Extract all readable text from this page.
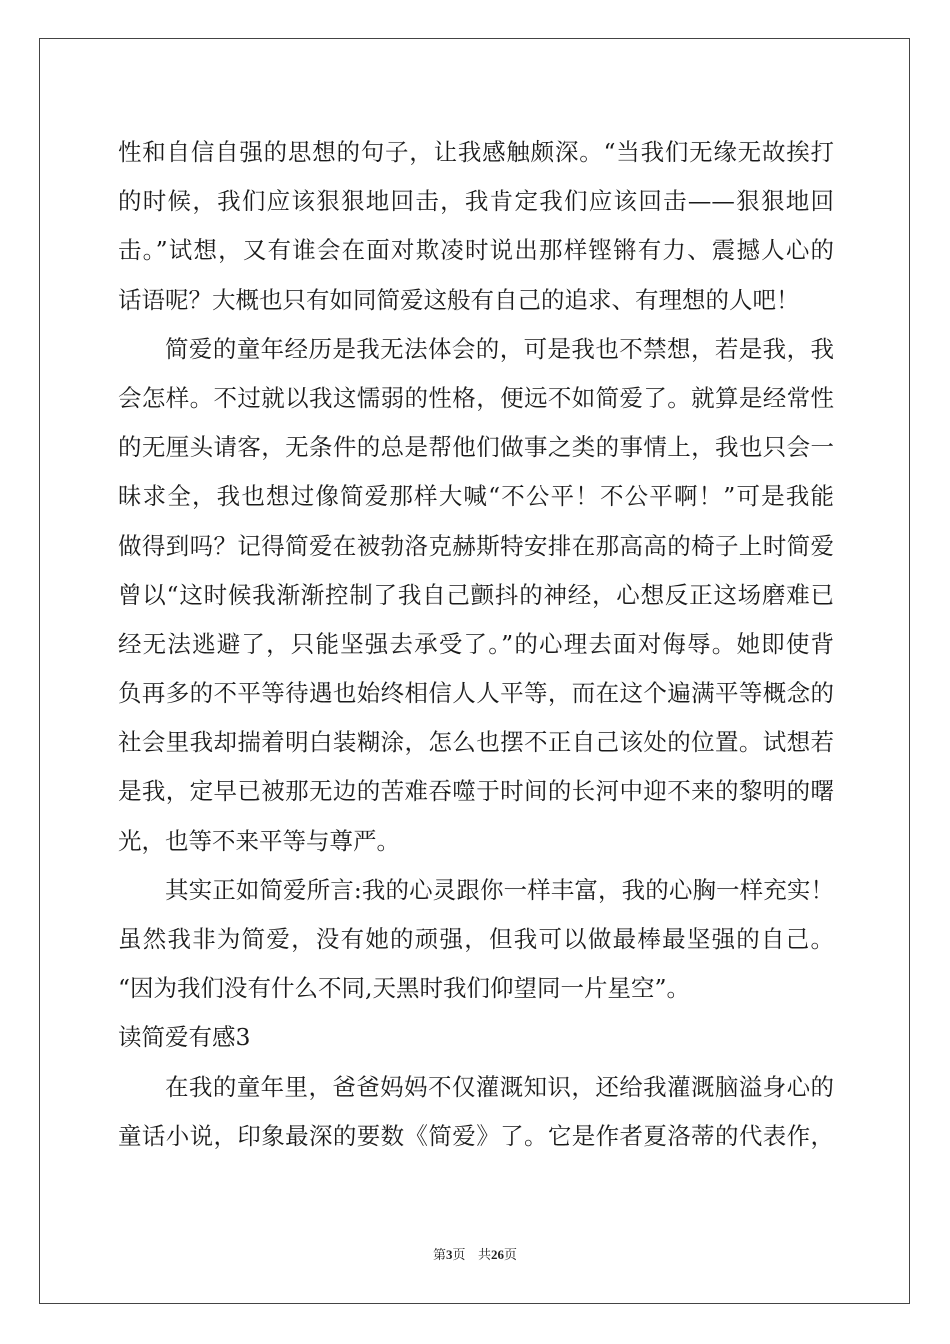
性和自信自强的思想的句子，让我感触颇深。“当我们无缘无故挨打
的时候，我们应该狠狠地回击，我肯定我们应该回击——狠狠地回
击。”试想，又有谁会在面对欺凌时说出那样铿锵有力、震撼人心的
话语呢？大概也只有如同简爱这般有自己的追求、有理想的人吧！
简爱的童年经历是我无法体会的，可是我也不禁想，若是我，我
会怎样。不过就以我这懦弱的性格，便远不如简爱了。就算是经常性
的无厘头请客，无条件的总是帮他们做事之类的事情上，我也只会一
昧求全，我也想过像简爱那样大喊“不公平！不公平啊！”可是我能
做得到吗？记得简爱在被勃洛克赫斯特安排在那高高的椅子上时简爱
曾以“这时候我渐渐控制了我自己颤抖的神经，心想反正这场磨难已
经无法逃避了，只能坚强去承受了。”的心理去面对侮辱。她即使背
负再多的不平等待遇也始终相信人人平等，而在这个遍满平等概念的
社会里我却揣着明白装糊涂，怎么也摆不正自己该处的位置。试想若
是我，定早已被那无边的苦难吞噬于时间的长河中迎不来的黎明的曙
光，也等不来平等与尊严。
其实正如简爱所言:我的心灵跟你一样丰富，我的心胸一样充实！
虽然我非为简爱，没有她的顽强，但我可以做最棒最坚强的自己。
“因为我们没有什么不同,天黑时我们仰望同一片星空”。
读简爱有感3
在我的童年里，爸爸妈妈不仅灌溉知识，还给我灌溉脑溢身心的
童话小说，印象最深的要数《简爱》了。它是作者夏洛蒂的代表作，
第3页 共26页
